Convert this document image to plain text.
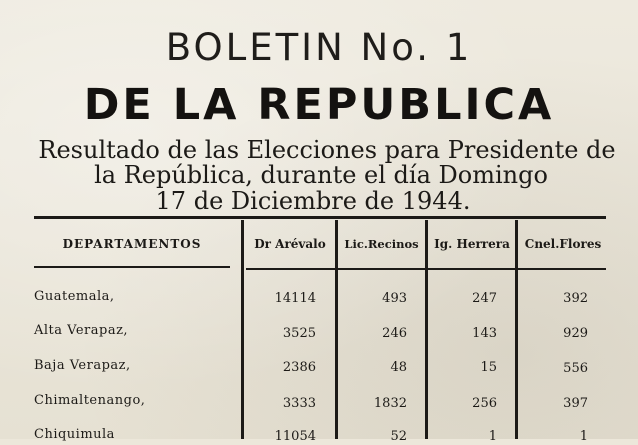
BOLETIN No. 1
DE LA REPUBLICA
Resultado de las Elecciones para Presidente de
la República, durante el día Domingo
17 de Diciembre de 1944.
DEPARTAMENTOS	Dr Arévalo	Lic.Recinos	Ig. Herrera	Cnel.Flores
Guatemala,	14114	493	247	392
Alta Verapaz,	3525	246	143	929
Baja Verapaz,	2386	48	15	556
Chimaltenango,	3333	1832	256	397
Chiquimula	11054	52	1	1
